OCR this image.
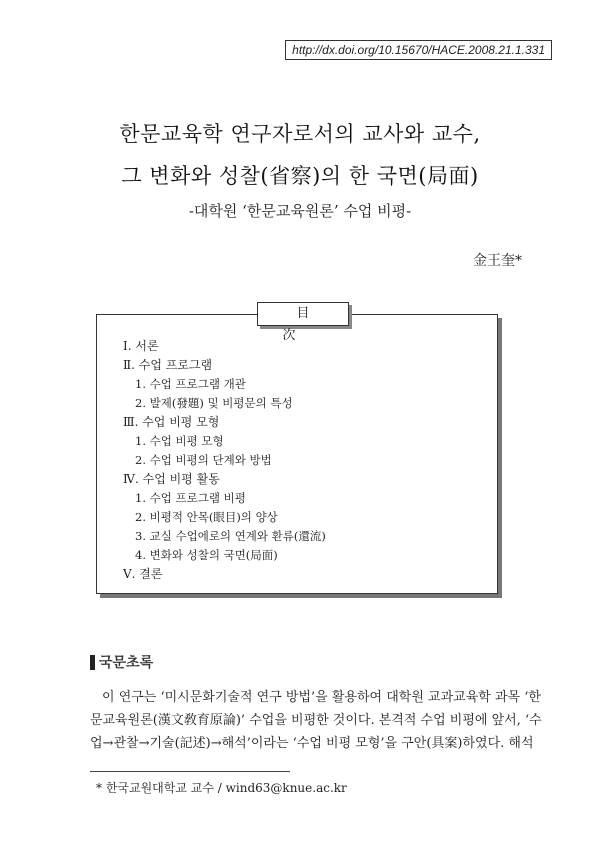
http://dx.doi.org/10.15670/HACE.2008.21.1.331
한문교육학 연구자로서의 교사와 교수,
그 변화와 성찰(省察)의 한 국면(局面)
-대학원 ‘한문교육원론’ 수업 비평-
金王奎*
目 次
Ⅰ. 서론
Ⅱ. 수업 프로그램
1. 수업 프로그램 개관
2. 발제(發題) 및 비평문의 특성
Ⅲ. 수업 비평 모형
1. 수업 비평 모형
2. 수업 비평의 단계와 방법
Ⅳ. 수업 비평 활동
1. 수업 프로그램 비평
2. 비평적 안목(眼目)의 양상
3. 교실 수업에로의 연계와 환류(還流)
4. 변화와 성찰의 국면(局面)
Ⅴ. 결론
국문초록

이 연구는 ‘미시문화기술적 연구 방법’을 활용하여 대학원 교과교육학 과목 ‘한

문교육원론(漢文敎育原論)’ 수업을 비평한 것이다. 본격적 수업 비평에 앞서, ‘수

업→관찰→기술(記述)→해석’이라는 ‘수업 비평 모형’을 구안(具案)하였다. 해석

* 한국교원대학교 교수 / wind63@knue.ac.kr
